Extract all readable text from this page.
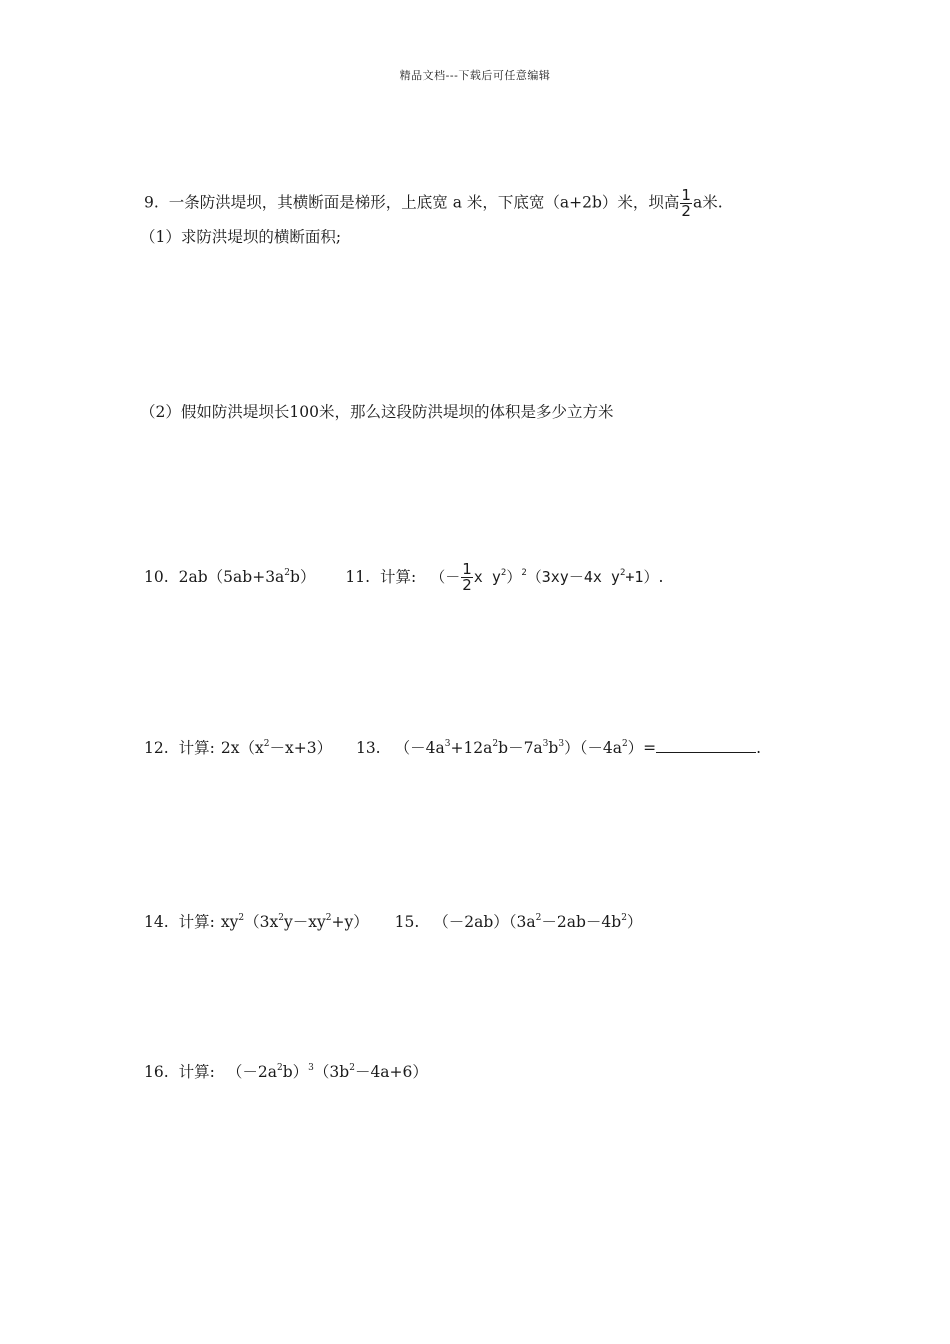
精品文档---下载后可任意编辑
9. 一条防洪堤坝，其横断面是梯形，上底宽 a 米，下底宽（a+2b）米，坝高 $\frac{1}{2}$ a米.
（1）求防洪堤坝的横断面积;
（2）假如防洪堤坝长100米，那么这段防洪堤坝的体积是多少立方米
10. $2ab(5ab+3a^2b)$ 11. 计算: （－ $\frac{1}{2}$ x $y^2)^2(3xy-4x$ $y^2+1$）.
12. 计算: $2x(x^2-x+3)$ 13. $(-4a^3+12a^2b-7a^3b^3)(-4a^2)=$	.
14. 计算: $xy^2(3x^2y-xy^2+y)$ 15. $(-2ab)(3a^2-2ab-4b^2)$
16. 计算: $(-2a^2b)^3(3b^2-4a+6)$
